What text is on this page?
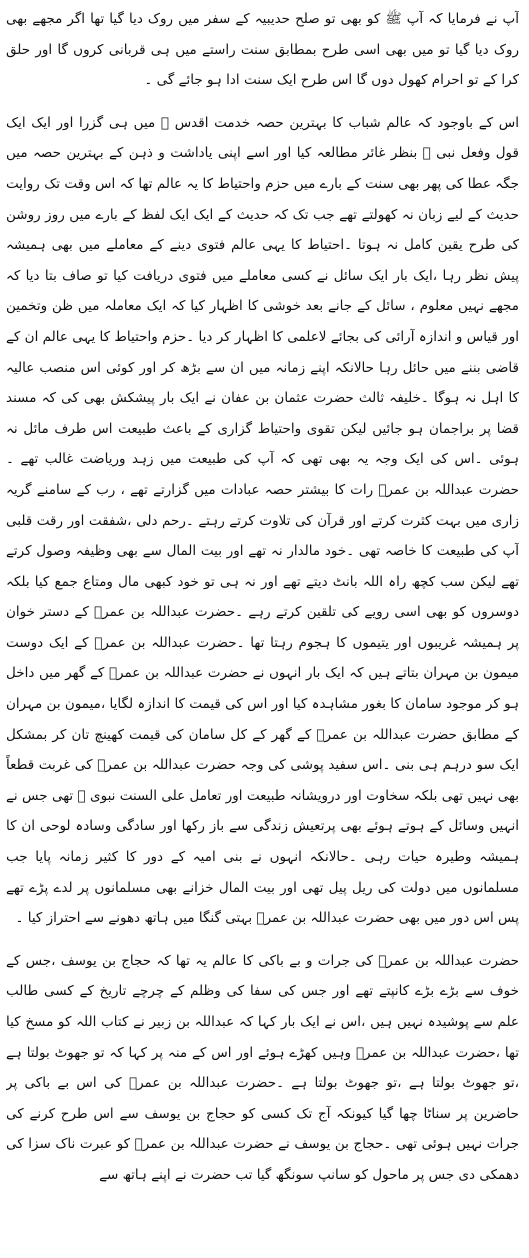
آپ نے فرمایا کہ آپ ﷺ کو بھی تو صلح حدیبیہ کے سفر میں روک دیا گیا تھا اگر مجھے بھی روک دیا گیا تو میں بھی اسی طرح بمطابق سنت راستے میں ہی قربانی کروں گا اور حلق کرا کے تو احرام کھول دوں گا اس طرح ایک سنت ادا ہو جائے گی ۔

اس کے باوجود کہ عالم شباب کا بہترین حصہ خدمت اقدس ﷺ میں ہی گزرا اور ایک ایک قول وفعل نبی ﷺ بنظر غائر مطالعہ کیا اور اسے اپنی یاداشت و ذہن کے بہترین حصہ میں جگہ عطا کی پھر بھی سنت کے بارے میں حزم واحتیاط کا یہ عالم تھا کہ اس وقت تک روایت حدیث کے لیے زبان نہ کھولتے تھے جب تک کہ حدیث کے ایک ایک لفظ کے بارے میں روز روشن کی طرح یقین کامل نہ ہوتا ۔احتیاط کا یہی عالم فتوی دینے کے معاملے میں بھی ہمیشہ پیش نظر رہا ،ایک بار ایک سائل نے کسی معاملے میں فتوی دریافت کیا تو صاف بتا دیا کہ مجھے نہیں معلوم ، سائل کے جانے بعد خوشی کا اظہار کیا کہ ایک معاملہ میں ظن وتخمین اور قیاس و اندازہ آرائی کی بجائے لاعلمی کا اظہار کر دیا ۔حزم واحتیاط کا یہی عالم ان کے قاضی بننے میں حائل رہا حالانکہ اپنے زمانہ میں ان سے بڑھ کر اور کوئی اس منصب عالیہ کا اہل نہ ہوگا ۔خلیفہ ثالث حضرت عثمان بن عفان نے ایک بار پیشکش بھی کی کہ مسند قضا پر براجمان ہو جائیں لیکن تقوی واحتیاط گزاری کے باعث طبیعت اس طرف مائل نہ ہوئی ۔اس کی ایک وجہ یہ بھی تھی کہ آپ کی طبیعت میں زہد وریاضت غالب تھے ۔ حضرت عبداللہ بن عمرؓ رات کا بیشتر حصہ عبادات میں گزارتے تھے ، رب کے سامنے گریہ زاری میں بہت کثرت کرتے اور قرآن کی تلاوت کرتے رہتے ۔رحم دلی ،شفقت اور رقت قلبی آپ کی طبیعت کا خاصہ تھی ۔خود مالدار نہ تھے اور بیت المال سے بھی وظیفہ وصول کرتے تھے لیکن سب کچھ راہ اللہ بانٹ دیتے تھے اور نہ ہی تو خود کبھی مال ومتاع جمع کیا بلکہ دوسروں کو بھی اسی رویے کی تلقین کرتے رہے ۔حضرت عبداللہ بن عمرؓ کے دستر خوان پر ہمیشہ غریبوں اور یتیموں کا ہجوم رہتا تھا ۔حضرت عبداللہ بن عمرؓ کے ایک دوست میمون بن مہران بتاتے ہیں کہ ایک بار انہوں نے حضرت عبداللہ بن عمرؓ کے گھر میں داخل ہو کر موجود سامان کا بغور مشاہدہ کیا اور اس کی قیمت کا اندازہ لگایا ،میمون بن مہران کے مطابق حضرت عبداللہ بن عمرؓ کے گھر کے کل سامان کی قیمت کھینچ تان کر بمشکل ایک سو درہم ہی بنی ۔اس سفید پوشی کی وجہ حضرت عبداللہ بن عمرؓ کی غربت قطعاً بھی نہیں تھی بلکہ سخاوت اور درویشانہ طبیعت اور تعامل علی السنت نبوی ﷺ تھی جس نے انہیں وسائل کے ہوتے ہوئے بھی پرتعیش زندگی سے باز رکھا اور سادگی وسادہ لوحی ان کا ہمیشہ وطیرہ حیات رہی ۔حالانکہ انہوں نے بنی امیہ کے دور کا کثیر زمانہ پایا جب مسلمانوں میں دولت کی ریل پیل تھی اور بیت المال خزانے بھی مسلمانوں پر لدے پڑے تھے پس اس دور میں بھی حضرت عبداللہ بن عمرؓ بہتی گنگا میں ہاتھ دھونے سے احتراز کیا ۔

حضرت عبداللہ بن عمرؓ کی جرات و بے باکی کا عالم یہ تھا کہ حجاج بن یوسف ،جس کے خوف سے بڑے بڑے کانپتے تھے اور جس کی سفا کی وظلم کے چرچے تاریخ کے کسی طالب علم سے پوشیدہ نہیں ہیں ،اس نے ایک بار کہا کہ عبداللہ بن زبیر نے کتاب اللہ کو مسخ کیا تھا ،حضرت عبداللہ بن عمرؓ وہیں کھڑے ہوئے اور اس کے منہ پر کہا کہ تو جھوٹ بولتا ہے ،تو جھوٹ بولتا ہے ،تو جھوٹ بولتا ہے ۔حضرت عبداللہ بن عمرؓ کی اس بے باکی پر حاضرین پر سناٹا چھا گیا کیونکہ آج تک کسی کو حجاج بن یوسف سے اس طرح کرنے کی جرات نہیں ہوئی تھی ۔حجاج بن یوسف نے حضرت عبداللہ بن عمرؓ کو عبرت ناک سزا کی دھمکی دی جس پر ماحول کو سانپ سونگھ گیا تب حضرت نے اپنے ہاتھ سے
